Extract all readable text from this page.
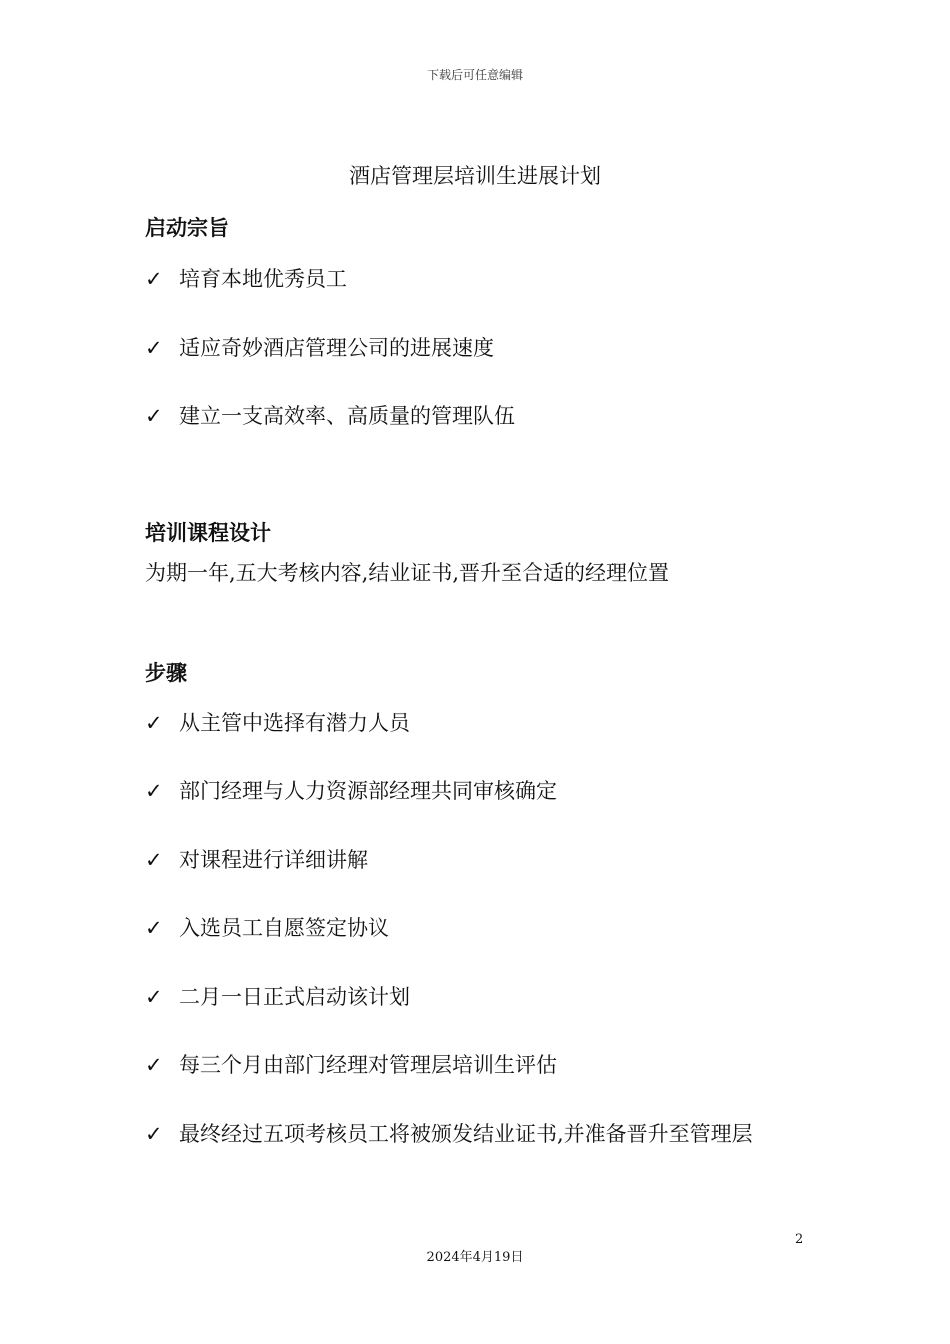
下载后可任意编辑
酒店管理层培训生进展计划
启动宗旨
✓ 培育本地优秀员工
✓ 适应奇妙酒店管理公司的进展速度
✓ 建立一支高效率、高质量的管理队伍
培训课程设计
为期一年,五大考核内容,结业证书,晋升至合适的经理位置
步骤
✓ 从主管中选择有潜力人员
✓ 部门经理与人力资源部经理共同审核确定
✓ 对课程进行详细讲解
✓ 入选员工自愿签定协议
✓ 二月一日正式启动该计划
✓ 每三个月由部门经理对管理层培训生评估
✓ 最终经过五项考核员工将被颁发结业证书,并准备晋升至管理层
2
2024年4月19日
